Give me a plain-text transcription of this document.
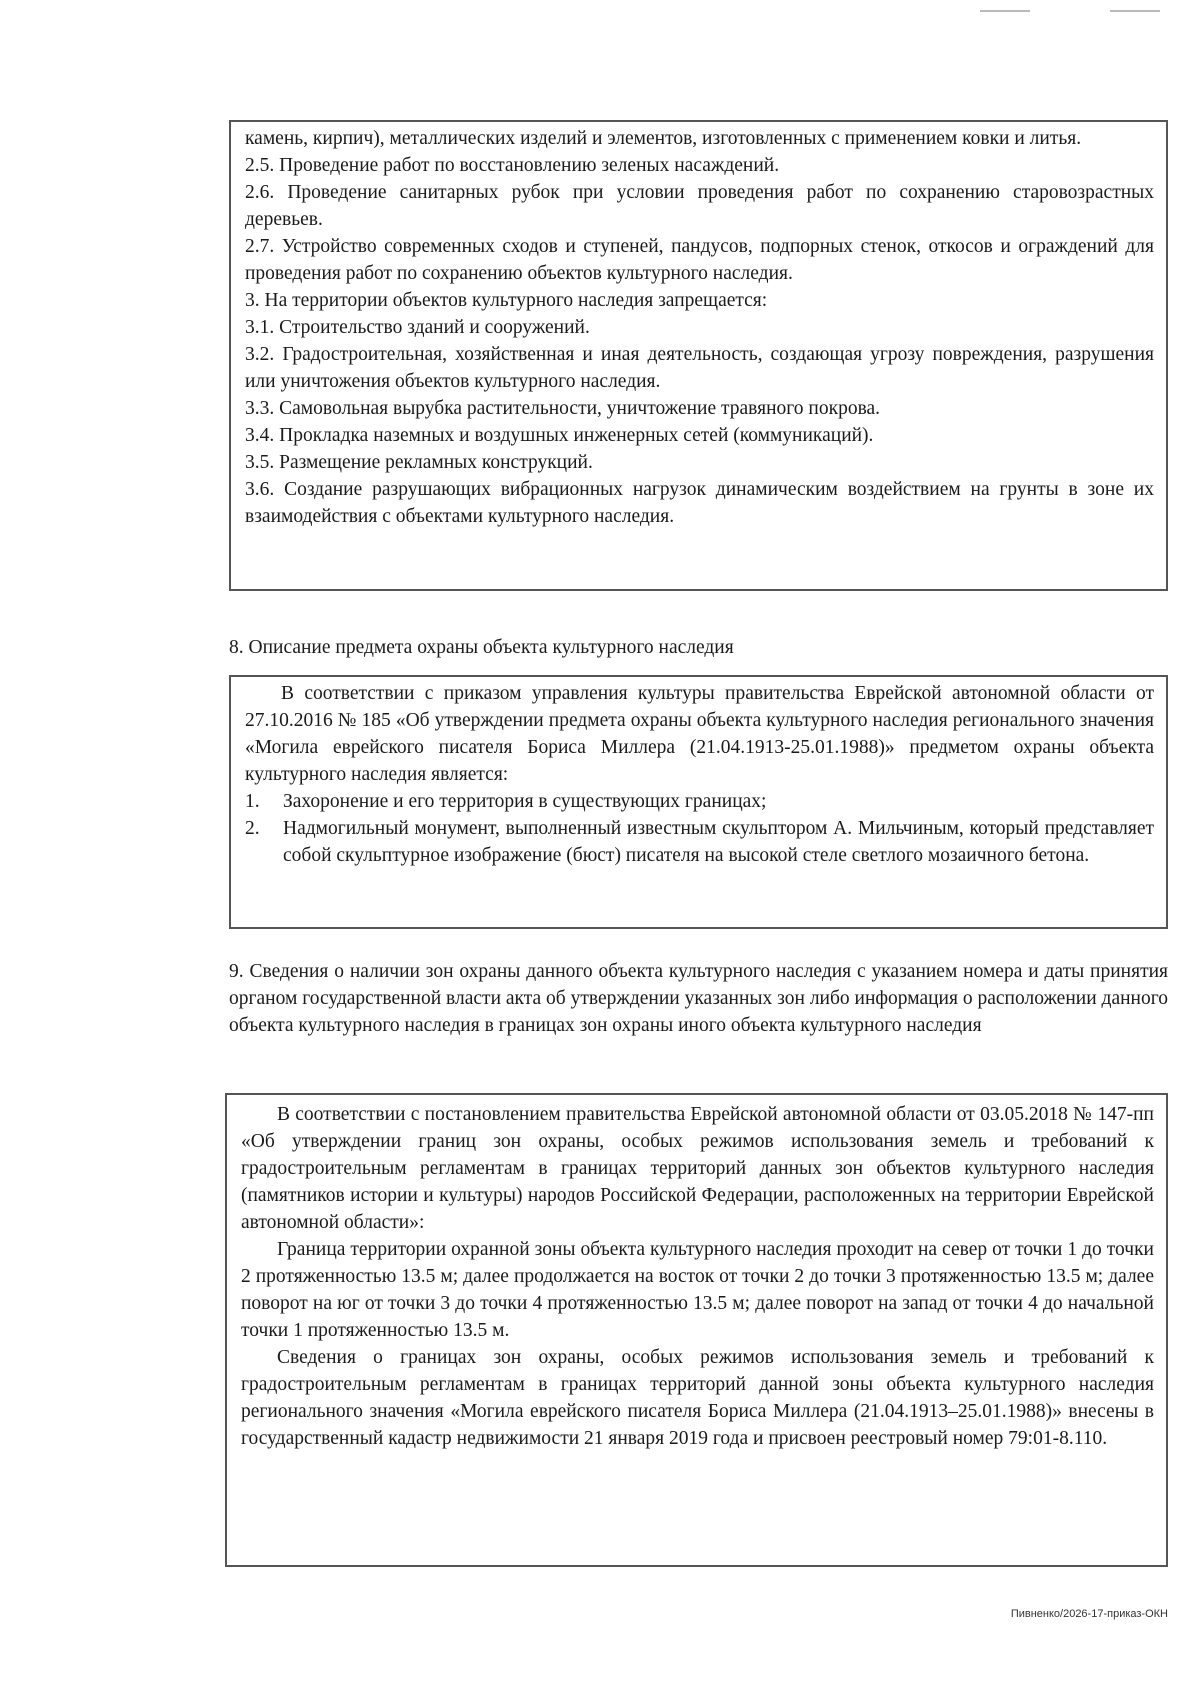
камень, кирпич), металлических изделий и элементов, изготовленных с применением ковки и литья.

2.5. Проведение работ по восстановлению зеленых насаждений.

2.6. Проведение санитарных рубок при условии проведения работ по сохранению старовозрастных деревьев.

2.7. Устройство современных сходов и ступеней, пандусов, подпорных стенок, откосов и ограждений для проведения работ по сохранению объектов культурного наследия.

3. На территории объектов культурного наследия запрещается:

3.1. Строительство зданий и сооружений.

3.2. Градостроительная, хозяйственная и иная деятельность, создающая угрозу повреждения, разрушения или уничтожения объектов культурного наследия.

3.3. Самовольная вырубка растительности, уничтожение травяного покрова.

3.4. Прокладка наземных и воздушных инженерных сетей (коммуникаций).

3.5. Размещение рекламных конструкций.

3.6. Создание разрушающих вибрационных нагрузок динамическим воздействием на грунты в зоне их взаимодействия с объектами культурного наследия.

8. Описание предмета охраны объекта культурного наследия

В соответствии с приказом управления культуры правительства Еврейской автономной области от 27.10.2016 № 185 «Об утверждении предмета охраны объекта культурного наследия регионального значения «Могила еврейского писателя Бориса Миллера (21.04.1913-25.01.1988)» предметом охраны объекта культурного наследия является:

1.	Захоронение и его территория в существующих границах;
2.	Надмогильный монумент, выполненный известным скульптором А. Мильчиным, который представляет собой скульптурное изображение (бюст) писателя на высокой стеле светлого мозаичного бетона.

9. Сведения о наличии зон охраны данного объекта культурного наследия с указанием номера и даты принятия органом государственной власти акта об утверждении указанных зон либо информация о расположении данного объекта культурного наследия в границах зон охраны иного объекта культурного наследия

В соответствии с постановлением правительства Еврейской автономной области от 03.05.2018 № 147-пп «Об утверждении границ зон охраны, особых режимов использования земель и требований к градостроительным регламентам в границах территорий данных зон объектов культурного наследия (памятников истории и культуры) народов Российской Федерации, расположенных на территории Еврейской автономной области»:

Граница территории охранной зоны объекта культурного наследия проходит на север от точки 1 до точки 2 протяженностью 13.5 м; далее продолжается на восток от точки 2 до точки 3 протяженностью 13.5 м; далее поворот на юг от точки 3 до точки 4 протяженностью 13.5 м; далее поворот на запад от точки 4 до начальной точки 1 протяженностью 13.5 м.

Сведения о границах зон охраны, особых режимов использования земель и требований к градостроительным регламентам в границах территорий данной зоны объекта культурного наследия регионального значения «Могила еврейского писателя Бориса Миллера (21.04.1913–25.01.1988)» внесены в государственный кадастр недвижимости 21 января 2019 года и присвоен реестровый номер 79:01-8.110.

Пивненко/2026-17-приказ-ОКН
